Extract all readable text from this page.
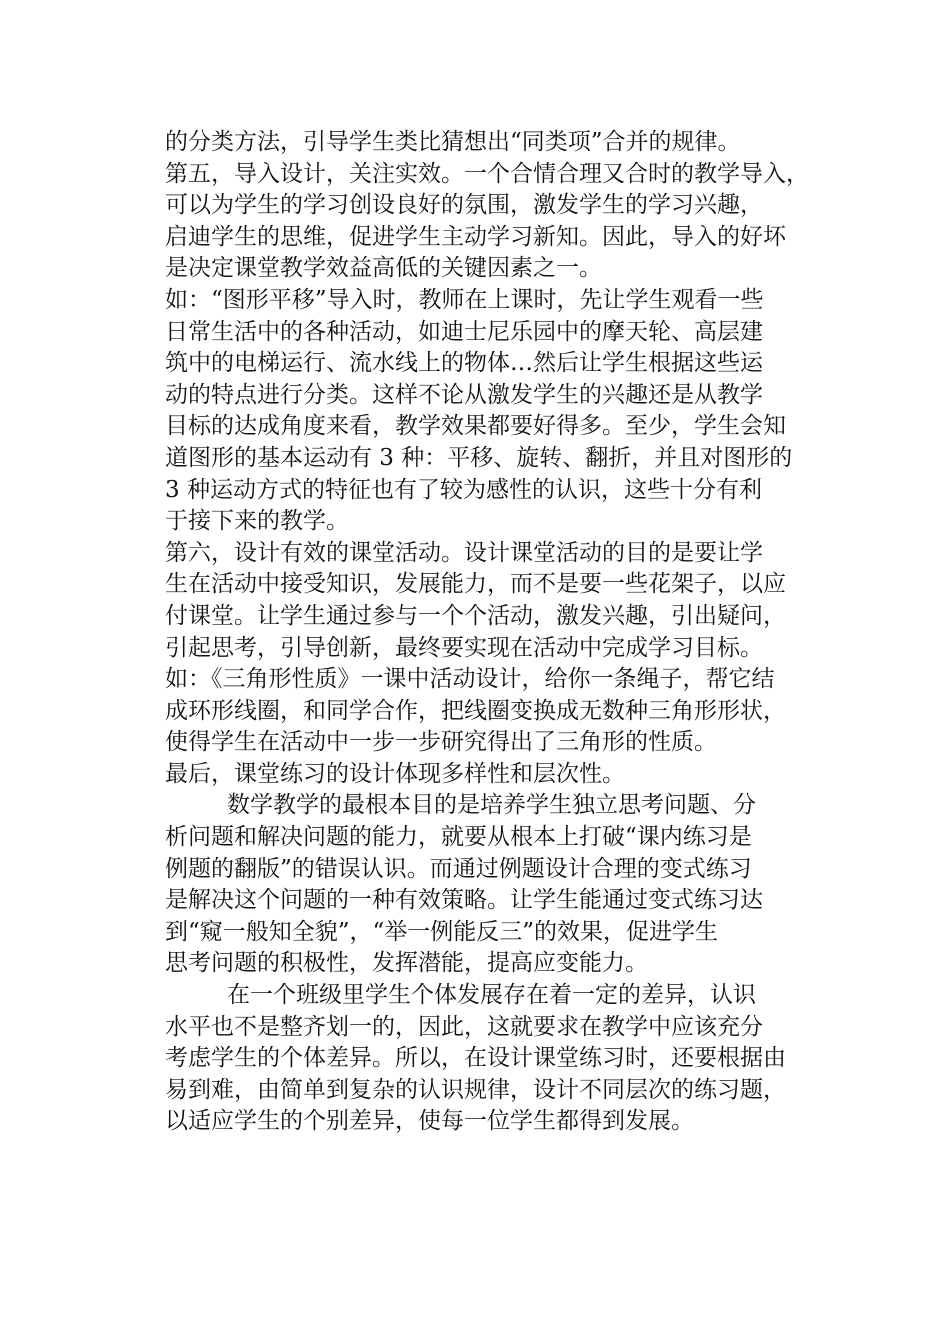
的分类方法，引导学生类比猜想出“同类项”合并的规律。
第五，导入设计，关注实效。一个合情合理又合时的教学导入，
可以为学生的学习创设良好的氛围，激发学生的学习兴趣，
启迪学生的思维，促进学生主动学习新知。因此，导入的好坏
是决定课堂教学效益高低的关键因素之一。
如：“图形平移”导入时，教师在上课时，先让学生观看一些
日常生活中的各种活动，如迪士尼乐园中的摩天轮、高层建
筑中的电梯运行、流水线上的物体…然后让学生根据这些运
动的特点进行分类。这样不论从激发学生的兴趣还是从教学
目标的达成角度来看，教学效果都要好得多。至少，学生会知
道图形的基本运动有 3 种：平移、旋转、翻折，并且对图形的
3 种运动方式的特征也有了较为感性的认识，这些十分有利
于接下来的教学。
第六，设计有效的课堂活动。设计课堂活动的目的是要让学
生在活动中接受知识，发展能力，而不是要一些花架子，以应
付课堂。让学生通过参与一个个活动，激发兴趣，引出疑问，
引起思考，引导创新，最终要实现在活动中完成学习目标。
如：《三角形性质》一课中活动设计，给你一条绳子，帮它结
成环形线圈，和同学合作，把线圈变换成无数种三角形形状，
使得学生在活动中一步一步研究得出了三角形的性质。
最后，课堂练习的设计体现多样性和层次性。
数学教学的最根本目的是培养学生独立思考问题、分
析问题和解决问题的能力，就要从根本上打破“课内练习是
例题的翻版”的错误认识。而通过例题设计合理的变式练习
是解决这个问题的一种有效策略。让学生能通过变式练习达
到“窥一般知全貌”，“举一例能反三”的效果，促进学生
思考问题的积极性，发挥潜能，提高应变能力。
在一个班级里学生个体发展存在着一定的差异，认识
水平也不是整齐划一的，因此，这就要求在教学中应该充分
考虑学生的个体差异。所以，在设计课堂练习时，还要根据由
易到难，由简单到复杂的认识规律，设计不同层次的练习题，
以适应学生的个别差异，使每一位学生都得到发展。
